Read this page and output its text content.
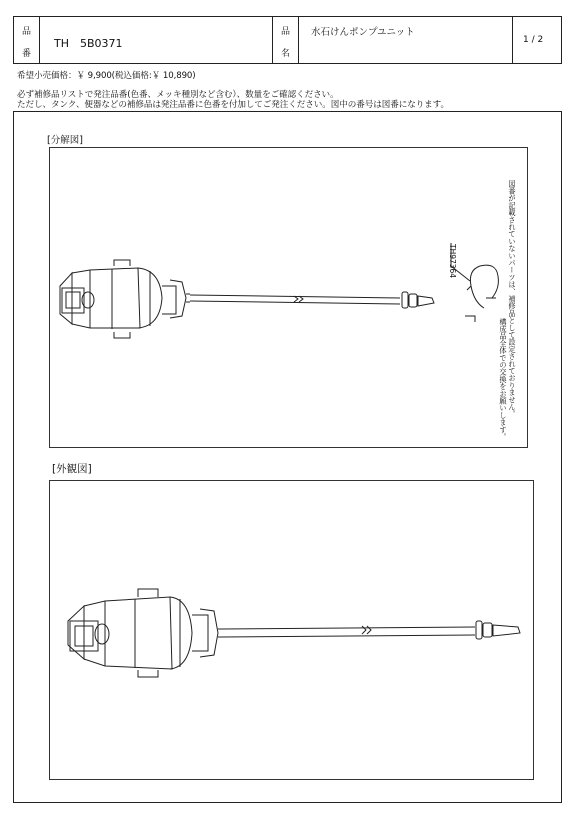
品
番
TH　5B0371
品
名
水石けんポンプユニット
1 / 2
希望小売価格：￥ 9,900(税込価格:￥ 10,890)
必ず補修品リストで発注品番(色番、メッキ種別など含む）、数量をご確認ください。
ただし、タンク、便器などの補修品は発注品番に色番を付加してご発注ください。図中の番号は図番になります。
[分解図]
TH97364	図番が記載されていないパーツは、補修品として設定されておりません。
構成品全体での交換をお願いします。
[外観図]
